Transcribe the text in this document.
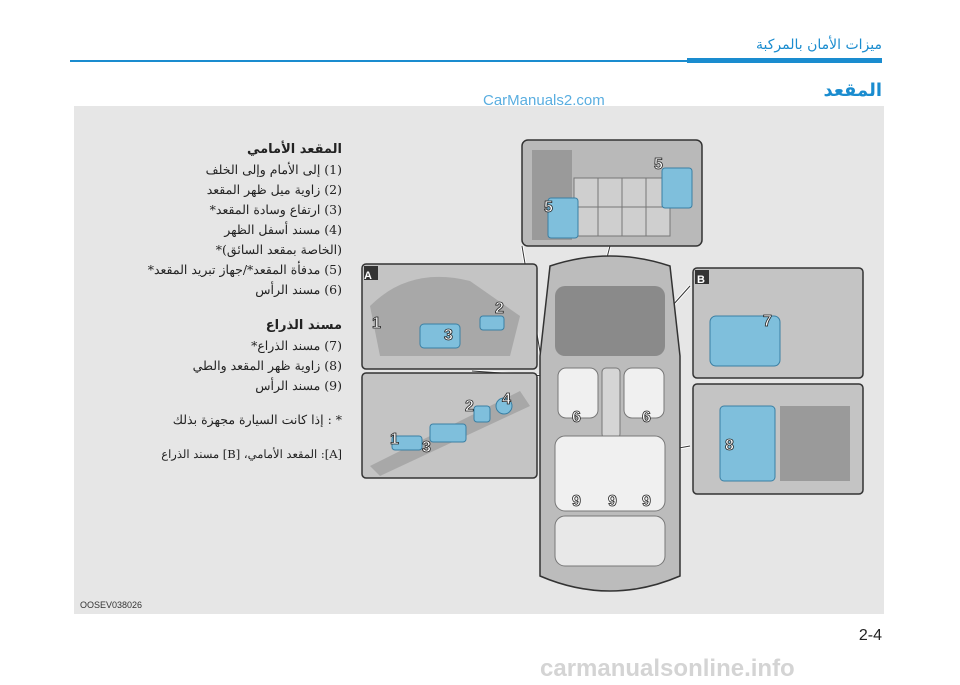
ميزات الأمان بالمركبة
المقعد
CarManuals2.com
المقعد الأمامي
(1) إلى الأمام وإلى الخلف
(2) زاوية ميل ظهر المقعد
(3) ارتفاع وسادة المقعد*
(4) مسند أسفل الظهر
(الخاصة بمقعد السائق)*
(5) مدفأة المقعد*/جهاز تبريد المقعد*
(6) مسند الرأس
مسند الذراع
(7) مسند الذراع*
(8) زاوية ظهر المقعد والطي
(9) مسند الرأس
* : إذا كانت السيارة مجهزة بذلك
[A]: المقعد الأمامي، [B] مسند الذراع
A	B
1
2
3
1
2
3
4
5
5
6	6
7
8
9 9 9
OOSEV038026
2-4
carmanualsonline.info
